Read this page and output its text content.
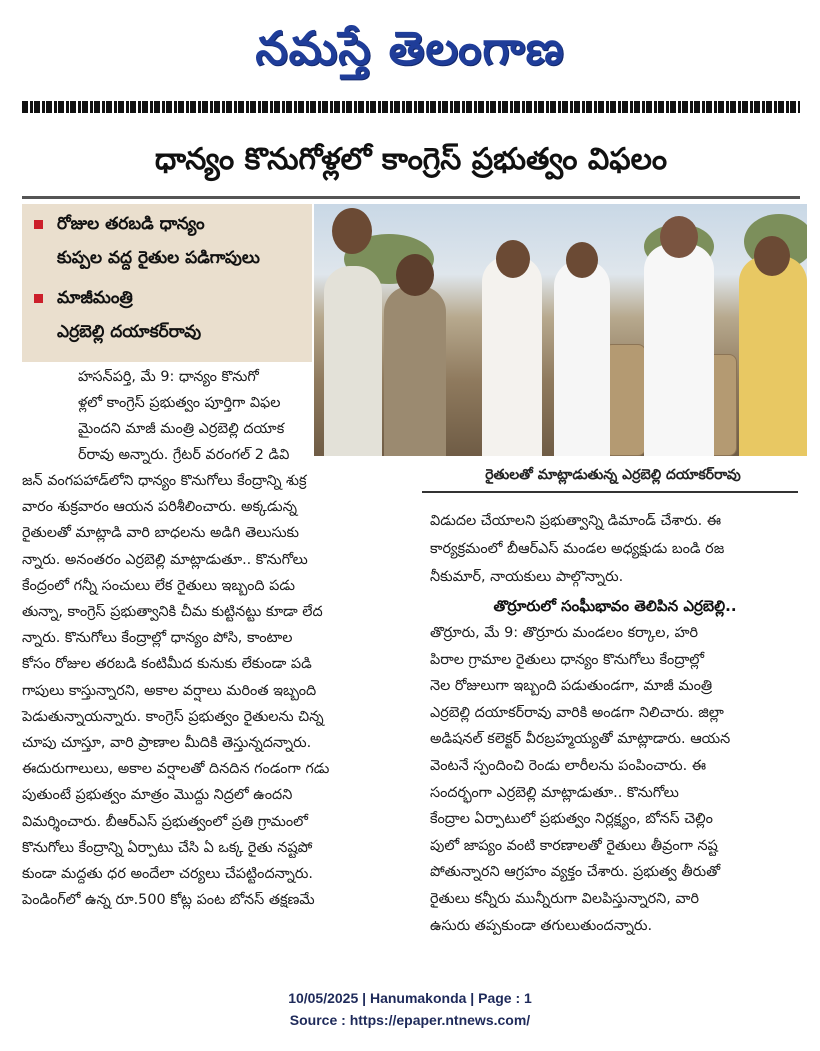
నమస్తే తెలంగాణ
ధాన్యం కొనుగోళ్లలో కాంగ్రెస్ ప్రభుత్వం విఫలం
రోజుల తరబడి ధాన్యం
కుప్పల వద్ద రైతుల పడిగాపులు
మాజీమంత్రి
ఎర్రబెల్లి దయాకర్‌రావు
రైతులతో మాట్లాడుతున్న ఎర్రబెల్లి దయాకర్‌రావు
హసన్‌పర్తి, మే 9: ధాన్యం కొనుగో
ళ్లలో కాంగ్రెస్ ప్రభుత్వం పూర్తిగా విఫల
మైందని మాజీ మంత్రి ఎర్రబెల్లి దయాక
ర్‌రావు అన్నారు. గ్రేటర్ వరంగల్ 2 డివి
జన్ వంగపహాడ్‌లోని ధాన్యం కొనుగోలు కేంద్రాన్ని శుక్ర
వారం శుక్రవారం ఆయన పరిశీలించారు. అక్కడున్న
రైతులతో మాట్లాడి వారి బాధలను అడిగి తెలుసుకు
న్నారు. అనంతరం ఎర్రబెల్లి మాట్లాడుతూ.. కొనుగోలు
కేంద్రంలో గన్నీ సంచులు లేక రైతులు ఇబ్బంది పడు
తున్నా, కాంగ్రెస్ ప్రభుత్వానికి చీమ కుట్టినట్టు కూడా లేద
న్నారు. కొనుగోలు కేంద్రాల్లో ధాన్యం పోసి, కాంటాల
కోసం రోజుల తరబడి కంటిమీద కునుకు లేకుండా పడి
గాపులు కాస్తున్నారని, అకాల వర్షాలు మరింత ఇబ్బంది
పెడుతున్నాయన్నారు. కాంగ్రెస్ ప్రభుత్వం రైతులను చిన్న
చూపు చూస్తూ, వారి ప్రాణాల మీదికి తెస్తున్నదన్నారు.
ఈదురుగాలులు, అకాల వర్షాలతో దినదిన గండంగా గడు
పుతుంటే ప్రభుత్వం మాత్రం మొద్దు నిద్రలో ఉందని
విమర్శించారు. బీఆర్‌ఎస్ ప్రభుత్వంలో ప్రతి గ్రామంలో
కొనుగోలు కేంద్రాన్ని ఏర్పాటు చేసి ఏ ఒక్క రైతు నష్టపో
కుండా మద్దతు ధర అందేలా చర్యలు చేపట్టిందన్నారు.
పెండింగ్‌లో ఉన్న రూ.500 కోట్ల పంట బోనస్ తక్షణమే
విడుదల చేయాలని ప్రభుత్వాన్ని డిమాండ్ చేశారు. ఈ
కార్యక్రమంలో బీఆర్‌ఎస్ మండల అధ్యక్షుడు బండి రజ
నీకుమార్, నాయకులు పాల్గొన్నారు.
తొర్రూరులో సంఘీభావం తెలిపిన ఎర్రబెల్లి..
తొర్రూరు, మే 9: తొర్రూరు మండలం కర్కాల, హరి
పిరాల గ్రామాల రైతులు ధాన్యం కొనుగోలు కేంద్రాల్లో
నెల రోజులుగా ఇబ్బంది పడుతుండగా, మాజీ మంత్రి
ఎర్రబెల్లి దయాకర్‌రావు వారికి అండగా నిలిచారు. జిల్లా
అడిషనల్ కలెక్టర్ వీరబ్రహ్మయ్యతో మాట్లాడారు. ఆయన
వెంటనే స్పందించి రెండు లారీలను పంపించారు. ఈ
సందర్భంగా ఎర్రబెల్లి మాట్లాడుతూ.. కొనుగోలు
కేంద్రాల ఏర్పాటులో ప్రభుత్వం నిర్లక్ష్యం, బోనస్ చెల్లిం
పులో జాప్యం వంటి కారణాలతో రైతులు తీవ్రంగా నష్ట
పోతున్నారని ఆగ్రహం వ్యక్తం చేశారు. ప్రభుత్వ తీరుతో
రైతులు కన్నీరు మున్నీరుగా విలపిస్తున్నారని, వారి
ఉసురు తప్పకుండా తగులుతుందన్నారు.
10/05/2025 | Hanumakonda | Page : 1
Source : https://epaper.ntnews.com/
